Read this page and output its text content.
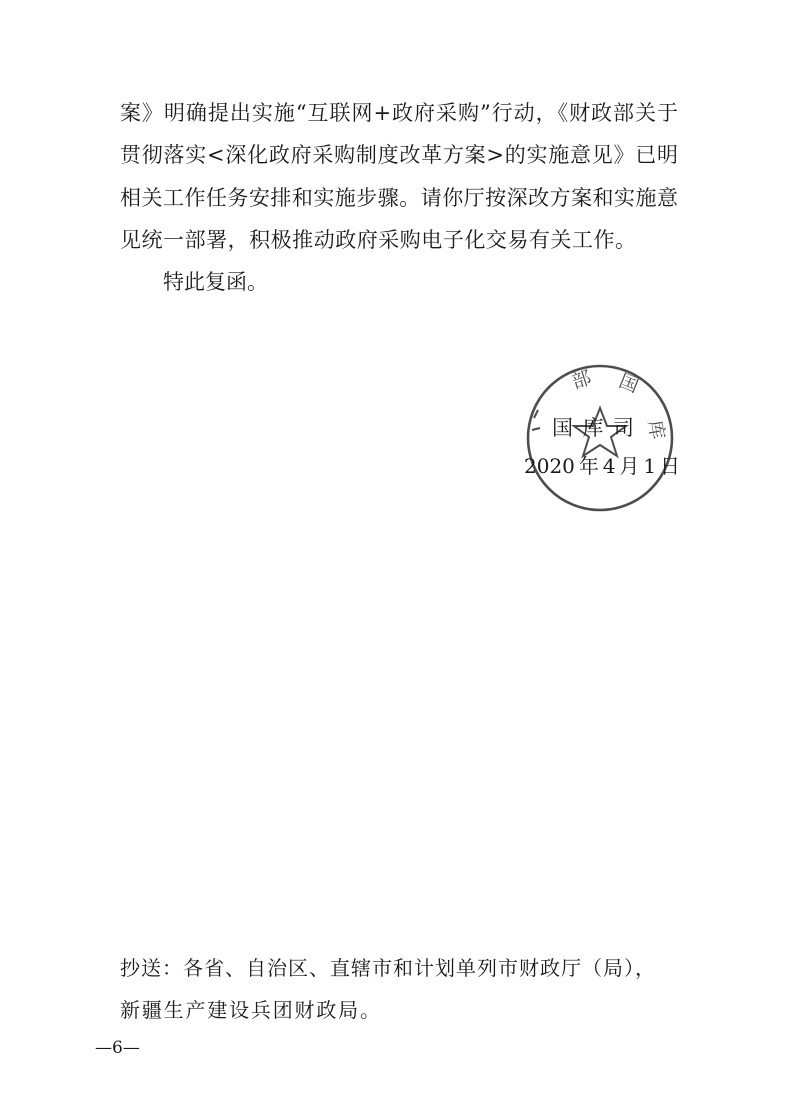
案》明确提出实施“互联网+政府采购”行动，《财政部关于
贯彻落实<深化政府采购制度改革方案>的实施意见》已明
相关工作任务安排和实施步骤。请你厅按深改方案和实施意
见统一部署，积极推动政府采购电子化交易有关工作。
特此复函。
部 国
库
国库司
2020年4月1日
抄送：各省、自治区、直辖市和计划单列市财政厅（局），
新疆生产建设兵团财政局。
—6—
